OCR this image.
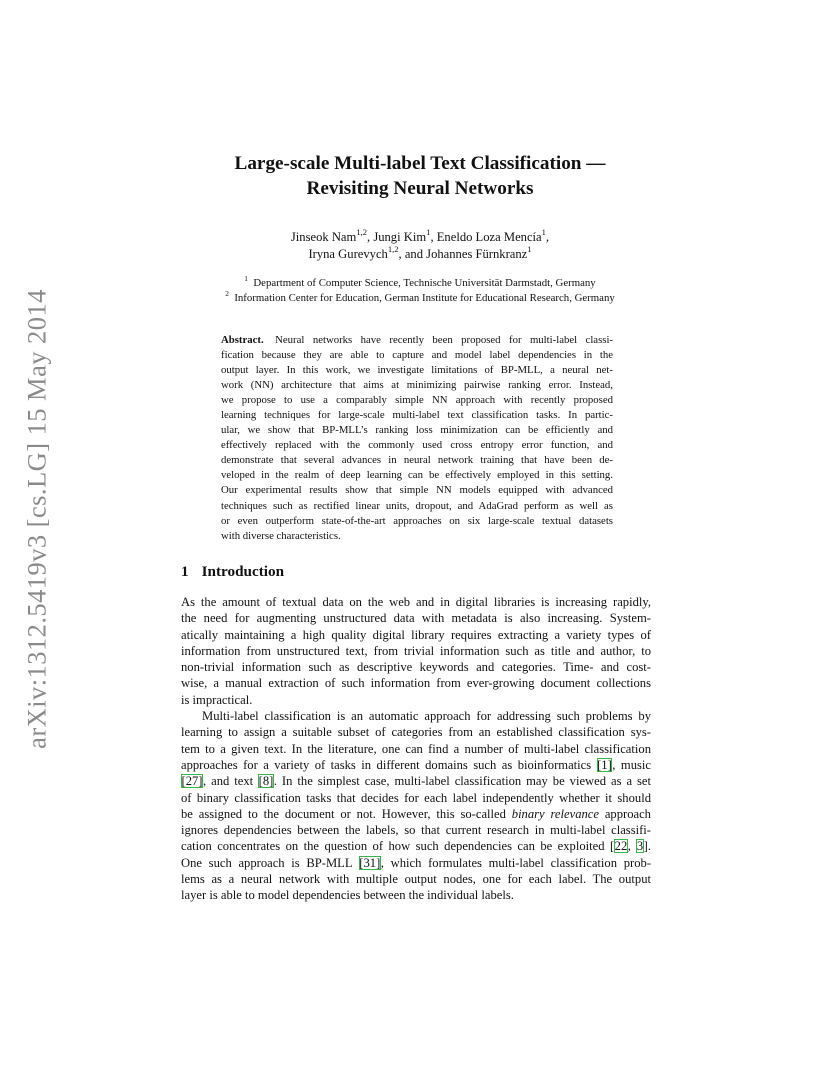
arXiv:1312.5419v3 [cs.LG] 15 May 2014
Large-scale Multi-label Text Classification —
Revisiting Neural Networks
Jinseok Nam$^{1,2}$, Jungi Kim$^1$, Eneldo Loza Mencía$^1$,
Iryna Gurevych$^{1,2}$, and Johannes Fürnkranz$^1$
$^1$ Department of Computer Science, Technische Universität Darmstadt, Germany
$^2$ Information Center for Education, German Institute for Educational Research, Germany
Abstract. Neural networks have recently been proposed for multi-label classi-
fication because they are able to capture and model label dependencies in the
output layer. In this work, we investigate limitations of BP-MLL, a neural net-
work (NN) architecture that aims at minimizing pairwise ranking error. Instead,
we propose to use a comparably simple NN approach with recently proposed
learning techniques for large-scale multi-label text classification tasks. In partic-
ular, we show that BP-MLL’s ranking loss minimization can be efficiently and
effectively replaced with the commonly used cross entropy error function, and
demonstrate that several advances in neural network training that have been de-
veloped in the realm of deep learning can be effectively employed in this setting.
Our experimental results show that simple NN models equipped with advanced
techniques such as rectified linear units, dropout, and AdaGrad perform as well as
or even outperform state-of-the-art approaches on six large-scale textual datasets
with diverse characteristics.
1 Introduction

As the amount of textual data on the web and in digital libraries is increasing rapidly,

the need for augmenting unstructured data with metadata is also increasing. System-

atically maintaining a high quality digital library requires extracting a variety types of

information from unstructured text, from trivial information such as title and author, to

non-trivial information such as descriptive keywords and categories. Time- and cost-

wise, a manual extraction of such information from ever-growing document collections

is impractical.

Multi-label classification is an automatic approach for addressing such problems by

learning to assign a suitable subset of categories from an established classification sys-

tem to a given text. In the literature, one can find a number of multi-label classification

approaches for a variety of tasks in different domains such as bioinformatics [1], music

[27], and text [8]. In the simplest case, multi-label classification may be viewed as a set

of binary classification tasks that decides for each label independently whether it should

be assigned to the document or not. However, this so-called binary relevance approach

ignores dependencies between the labels, so that current research in multi-label classifi-

cation concentrates on the question of how such dependencies can be exploited [22, 3].

One such approach is BP-MLL [31], which formulates multi-label classification prob-

lems as a neural network with multiple output nodes, one for each label. The output

layer is able to model dependencies between the individual labels.
